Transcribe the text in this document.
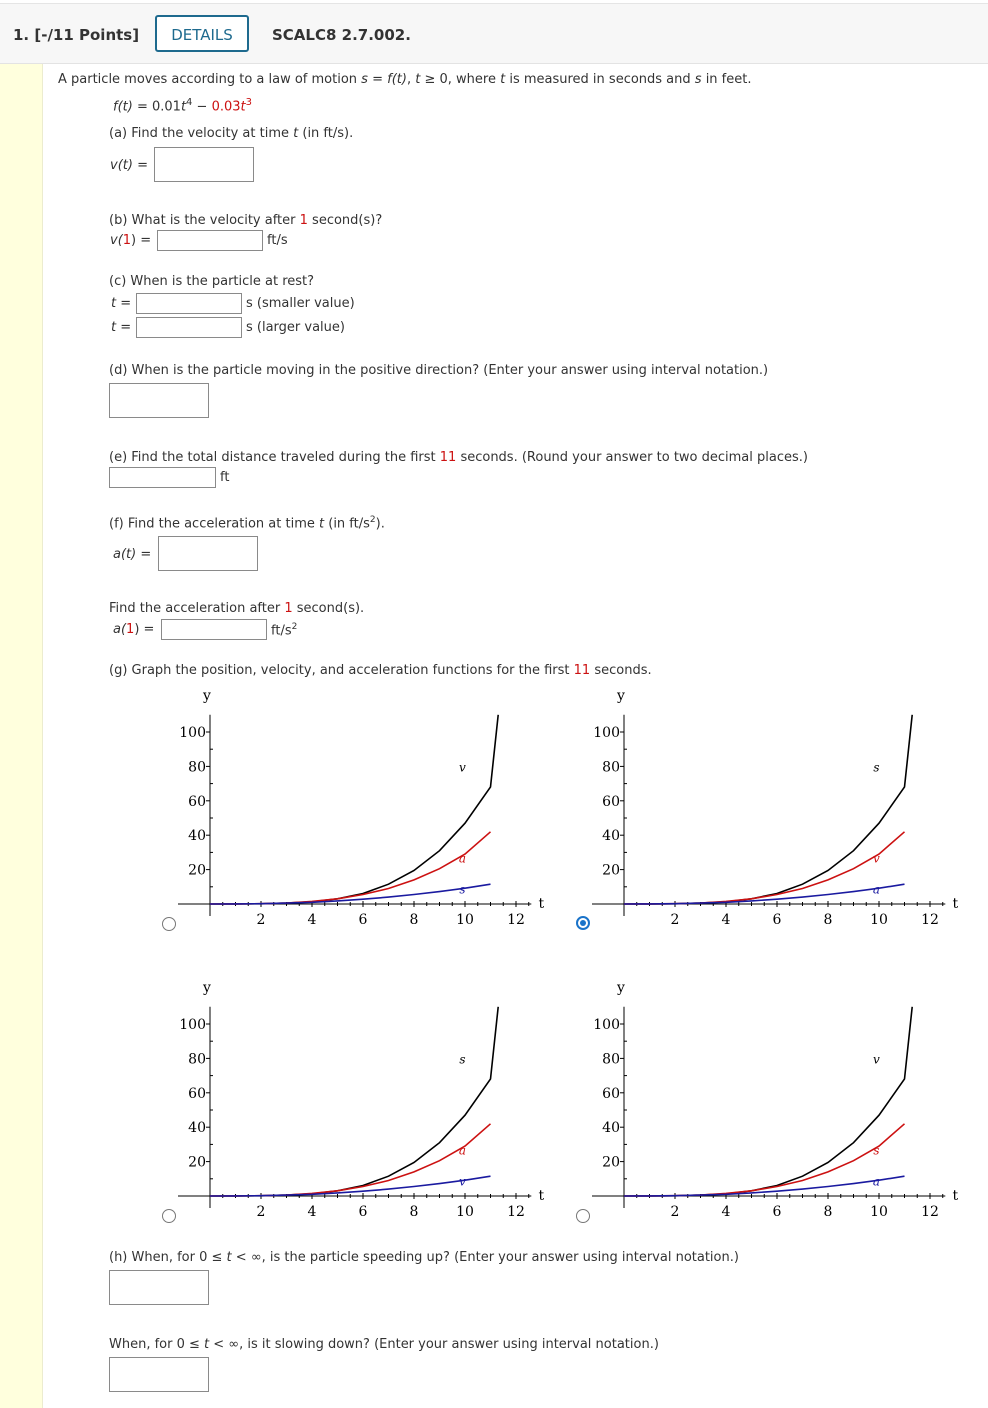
1. [-/11 Points]	DETAILS	SCALC8 2.7.002.
A particle moves according to a law of motion s = f(t), t ≥ 0, where t is measured in seconds and s in feet.
$f(t) = 0.01t^4 - 0.03t^3$
(a) Find the velocity at time t (in ft/s).
v(t) =
(b) What is the velocity after 1 second(s)?
v(1) =	ft/s
(c) When is the particle at rest?
t =	s (smaller value)
t =	s (larger value)
(d) When is the particle moving in the positive direction? (Enter your answer using interval notation.)
(e) Find the total distance traveled during the first 11 seconds. (Round your answer to two decimal places.)
ft
(f) Find the acceleration at time t (in $ft/s^2$).
a(t) =
Find the acceleration after 1 second(s).
a(1) =	$ft/s^2$
(g) Graph the position, velocity, and acceleration functions for the first 11 seconds.
20
40
60
80
100
2	4	6	8	10 12
y
t
v
a
s
20
40
60
80
100
2	4	6	8	10 12
y
t
s
v
a
20
40
60
80
100
2	4	6	8	10 12
y
t
s
a
v
20
40
60
80
100
2	4	6	8	10 12
y
t
v
s
a
(h) When, for 0 ≤ t < ∞, is the particle speeding up? (Enter your answer using interval notation.)
When, for 0 ≤ t < ∞, is it slowing down? (Enter your answer using interval notation.)
